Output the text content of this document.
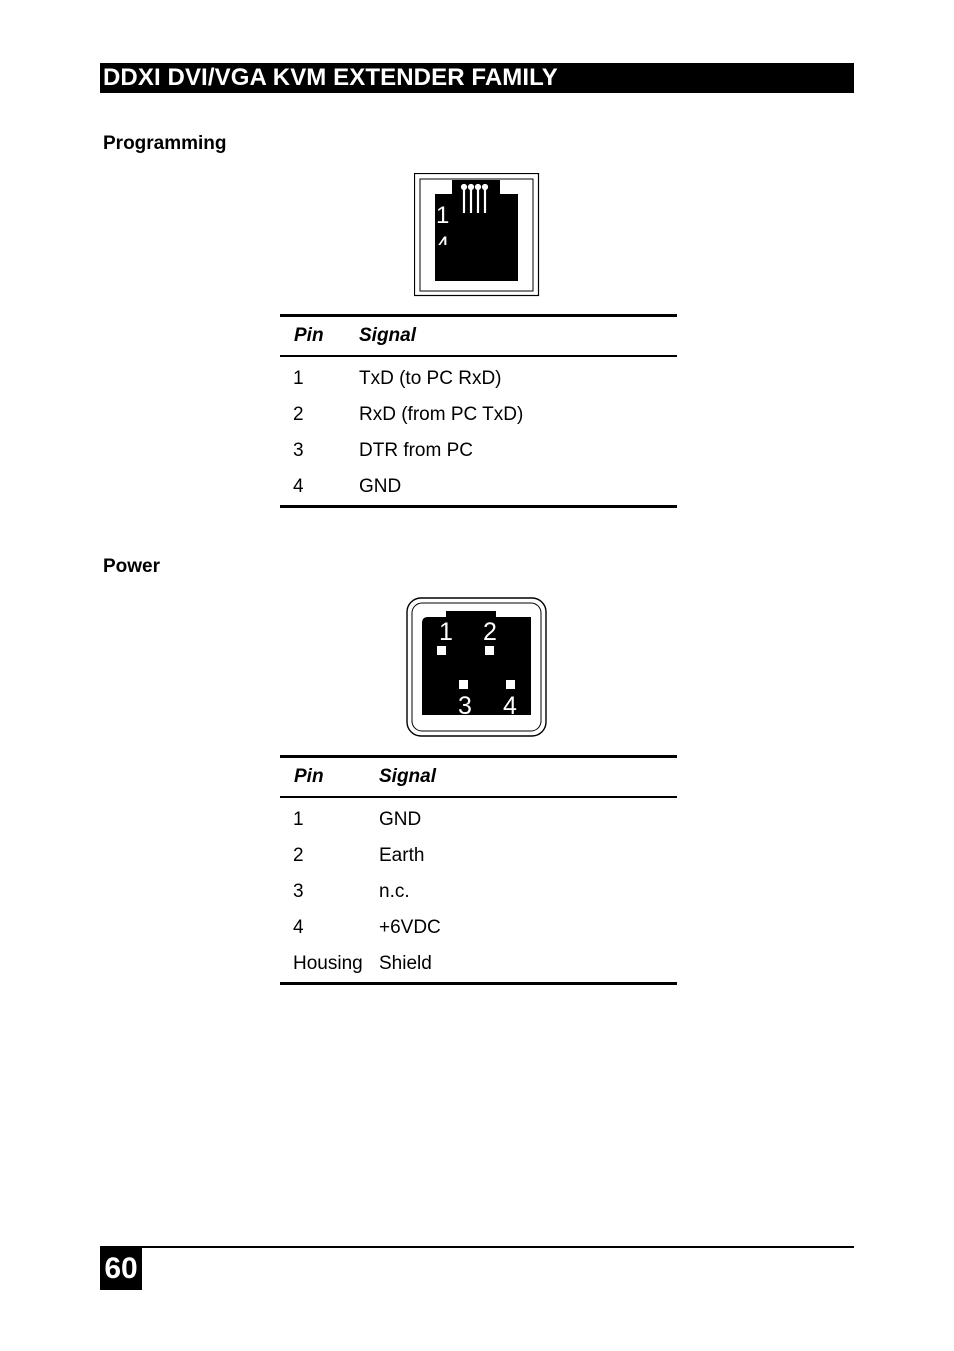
DDXI DVI/VGA KVM EXTENDER FAMILY
Programming
1
Pin	Signal
1	TxD (to PC RxD)
2	RxD (from PC TxD)
3	DTR from PC
4	GND
Power
1 2
3 4
Pin	Signal
1	GND
2	Earth
3	n.c.
4	+6VDC
Housing	Shield
60
